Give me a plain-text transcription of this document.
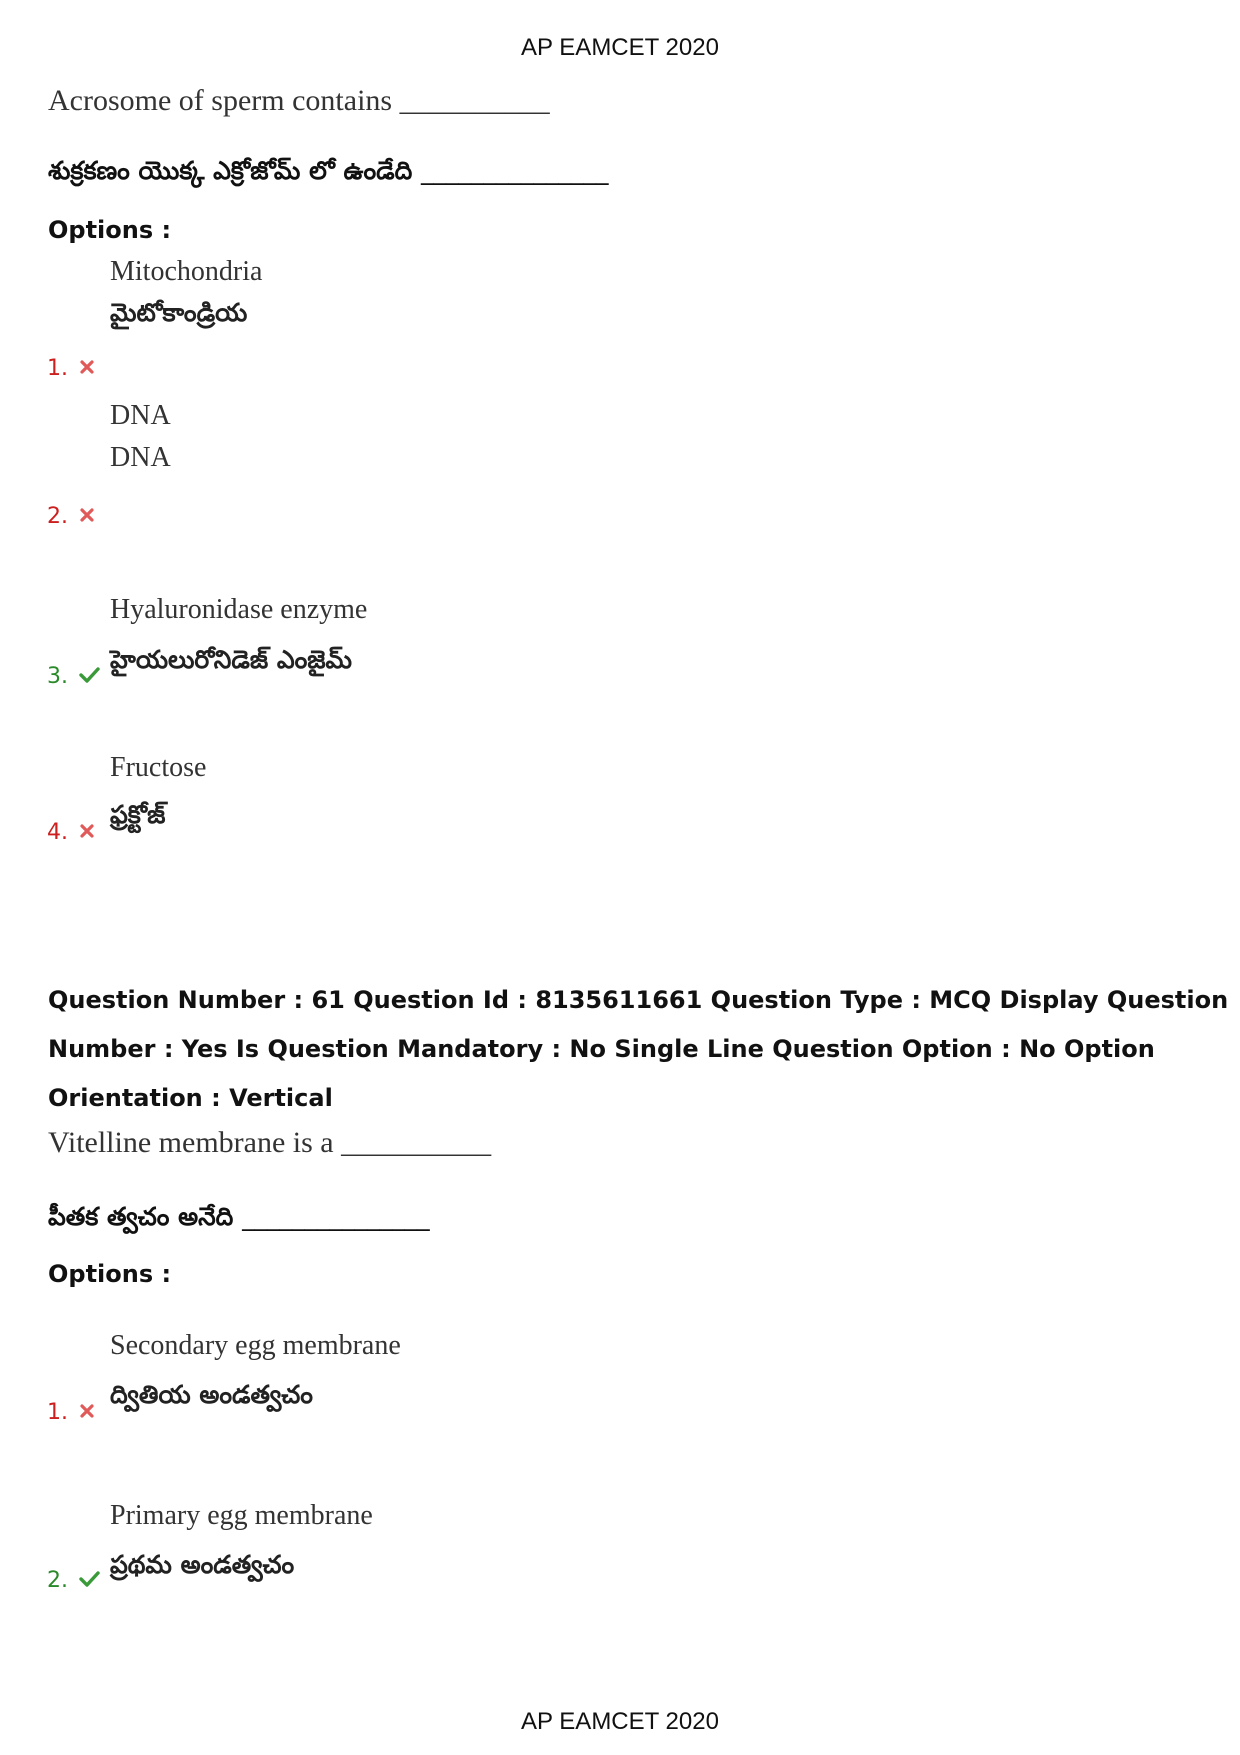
AP EAMCET 2020
Acrosome of sperm contains __________
శుక్రకణం యొక్క ఎక్రోజోమ్ లో ఉండేది _______________
Options :
Mitochondria
మైటోకాండ్రియ
1.
DNA
DNA
2.
Hyaluronidase enzyme
హైయలురోనిడెజ్ ఎంజైమ్
3.
Fructose
ఫ్రక్టోజ్
4.
Question Number : 61 Question Id : 8135611661 Question Type : MCQ Display Question
Number : Yes Is Question Mandatory : No Single Line Question Option : No Option
Orientation : Vertical
Vitelline membrane is a __________
పీతక త్వచం అనేది _______________
Options :
Secondary egg membrane
ద్వితియ అండత్వచం
1.
Primary egg membrane
ప్రథమ అండత్వచం
2.
AP EAMCET 2020
